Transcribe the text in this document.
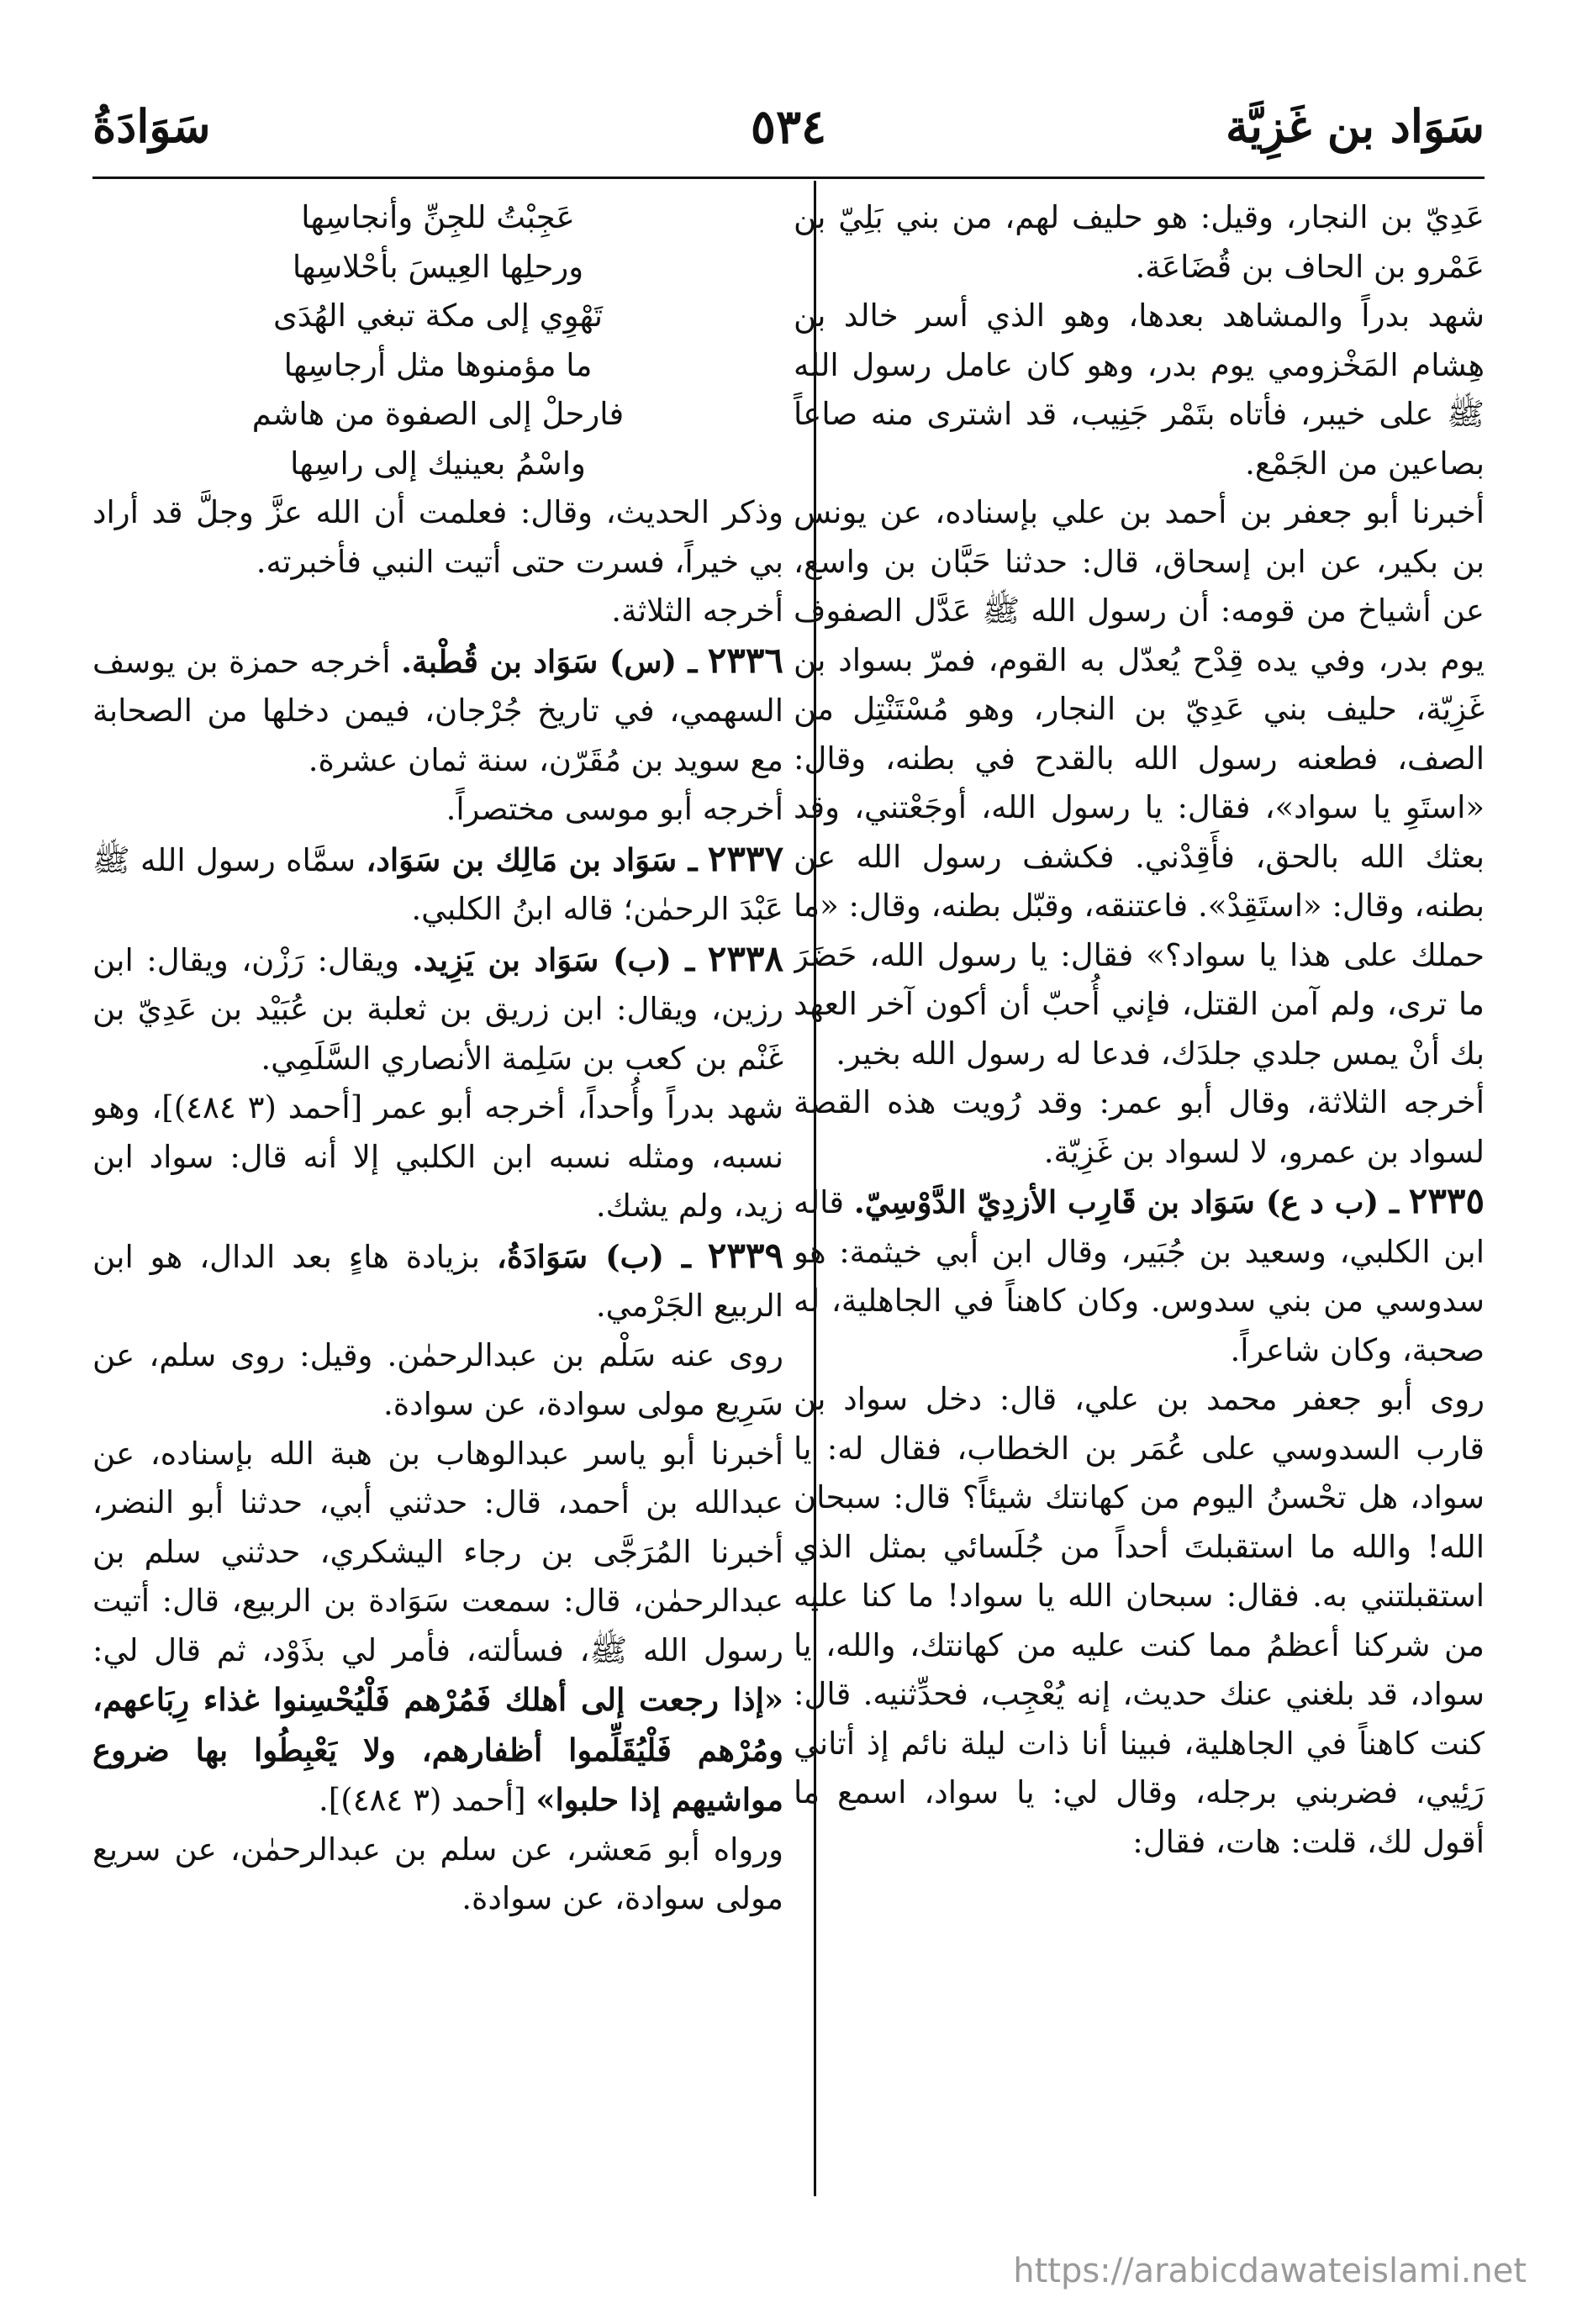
سَوَاد بن غَزِيَّة
٥٣٤
سَوَادَةُ

عَدِيّ بن النجار، وقيل: هو حليف لهم، من بني بَلِيّ بن عَمْرو بن الحاف بن قُضَاعَة.

شهد بدراً والمشاهد بعدها، وهو الذي أسر خالد بن هِشام المَخْزومي يوم بدر، وهو كان عامل رسول الله ﷺ على خيبر، فأتاه بتَمْر جَنِيب، قد اشترى منه صاعاً بصاعين من الجَمْع.

أخبرنا أبو جعفر بن أحمد بن علي بإسناده، عن يونس بن بكير، عن ابن إسحاق، قال: حدثنا حَبَّان بن واسع، عن أشياخ من قومه: أن رسول الله ﷺ عَدَّل الصفوف يوم بدر، وفي يده قِدْح يُعدّل به القوم، فمرّ بسواد بن غَزِيّة، حليف بني عَدِيّ بن النجار، وهو مُسْتَنْتِل من الصف، فطعنه رسول الله بالقدح في بطنه، وقال: «استَوِ يا سواد»، فقال: يا رسول الله، أوجَعْتني، وقد بعثك الله بالحق، فأَقِدْني. فكشف رسول الله عن بطنه، وقال: «استَقِدْ». فاعتنقه، وقبّل بطنه، وقال: «ما حملك على هذا يا سواد؟» فقال: يا رسول الله، حَضَرَ ما ترى، ولم آمن القتل، فإني أُحبّ أن أكون آخر العهد بك أنْ يمس جلدي جلدَك، فدعا له رسول الله بخير.

أخرجه الثلاثة، وقال أبو عمر: وقد رُويت هذه القصة لسواد بن عمرو، لا لسواد بن غَزِيّة.

٢٣٣٥ ـ (ب د ع) سَوَاد بن قَارِب الأزدِيّ الدَّوْسِيّ. قاله ابن الكلبي، وسعيد بن جُبَير، وقال ابن أبي خيثمة: هو سدوسي من بني سدوس. وكان كاهناً في الجاهلية، له صحبة، وكان شاعراً.

روى أبو جعفر محمد بن علي، قال: دخل سواد بن قارب السدوسي على عُمَر بن الخطاب، فقال له: يا سواد، هل تحْسنُ اليوم من كهانتك شيئاً؟ قال: سبحان الله! والله ما استقبلتَ أحداً من جُلَسائي بمثل الذي استقبلتني به. فقال: سبحان الله يا سواد! ما كنا عليه من شركنا أعظمُ مما كنت عليه من كهانتك، والله، يا سواد، قد بلغني عنك حديث، إنه يُعْجِب، فحدِّثنيه. قال: كنت كاهناً في الجاهلية، فبينا أنا ذات ليلة نائم إذ أتاني رَئِيي، فضربني برجله، وقال لي: يا سواد، اسمع ما أقول لك، قلت: هات، فقال:

عَجِبْتُ للجِنِّ وأنجاسِها
ورحلِها العِيسَ بأحْلاسِها
تَهْوِي إلى مكة تبغي الهُدَى
ما مؤمنوها مثل أرجاسِها
فارحلْ إلى الصفوة من هاشم
واسْمُ بعينيك إلى راسِها

وذكر الحديث، وقال: فعلمت أن الله عزَّ وجلَّ قد أراد بي خيراً، فسرت حتى أتيت النبي فأخبرته.

أخرجه الثلاثة.

٢٣٣٦ ـ (س) سَوَاد بن قُطْبة. أخرجه حمزة بن يوسف السهمي، في تاريخ جُرْجان، فيمن دخلها من الصحابة مع سويد بن مُقَرّن، سنة ثمان عشرة.

أخرجه أبو موسى مختصراً.

٢٣٣٧ ـ سَوَاد بن مَالِك بن سَوَاد، سمَّاه رسول الله ﷺ عَبْدَ الرحمٰن؛ قاله ابنُ الكلبي.

٢٣٣٨ ـ (ب) سَوَاد بن يَزِيد. ويقال: رَزْن، ويقال: ابن رزين، ويقال: ابن زريق بن ثعلبة بن عُبَيْد بن عَدِيّ بن غَنْم بن كعب بن سَلِمة الأنصاري السَّلَمِي.

شهد بدراً وأُحداً، أخرجه أبو عمر [أحمد (٣ ٤٨٤)]، وهو نسبه، ومثله نسبه ابن الكلبي إلا أنه قال: سواد ابن زيد، ولم يشك.

٢٣٣٩ ـ (ب) سَوَادَةُ، بزيادة هاءٍ بعد الدال، هو ابن الربيع الجَرْمي.

روى عنه سَلْم بن عبدالرحمٰن. وقيل: روى سلم، عن سَرِيع مولى سوادة، عن سوادة.

أخبرنا أبو ياسر عبدالوهاب بن هبة الله بإسناده، عن عبدالله بن أحمد، قال: حدثني أبي، حدثنا أبو النضر، أخبرنا المُرَجَّى بن رجاء اليشكري، حدثني سلم بن عبدالرحمٰن، قال: سمعت سَوَادة بن الربيع، قال: أتيت رسول الله ﷺ، فسألته، فأمر لي بذَوْد، ثم قال لي: «إذا رجعت إلى أهلك فَمُرْهم فَلْيُحْسِنوا غذاء رِبَاعهم، ومُرْهم فَلْيُقَلِّموا أظفارهم، ولا يَعْبِطُوا بها ضروع مواشيهم إذا حلبوا» [أحمد (٣ ٤٨٤)].

ورواه أبو مَعشر، عن سلم بن عبدالرحمٰن، عن سريع مولى سوادة، عن سوادة.

https://arabicdawateislami.net
